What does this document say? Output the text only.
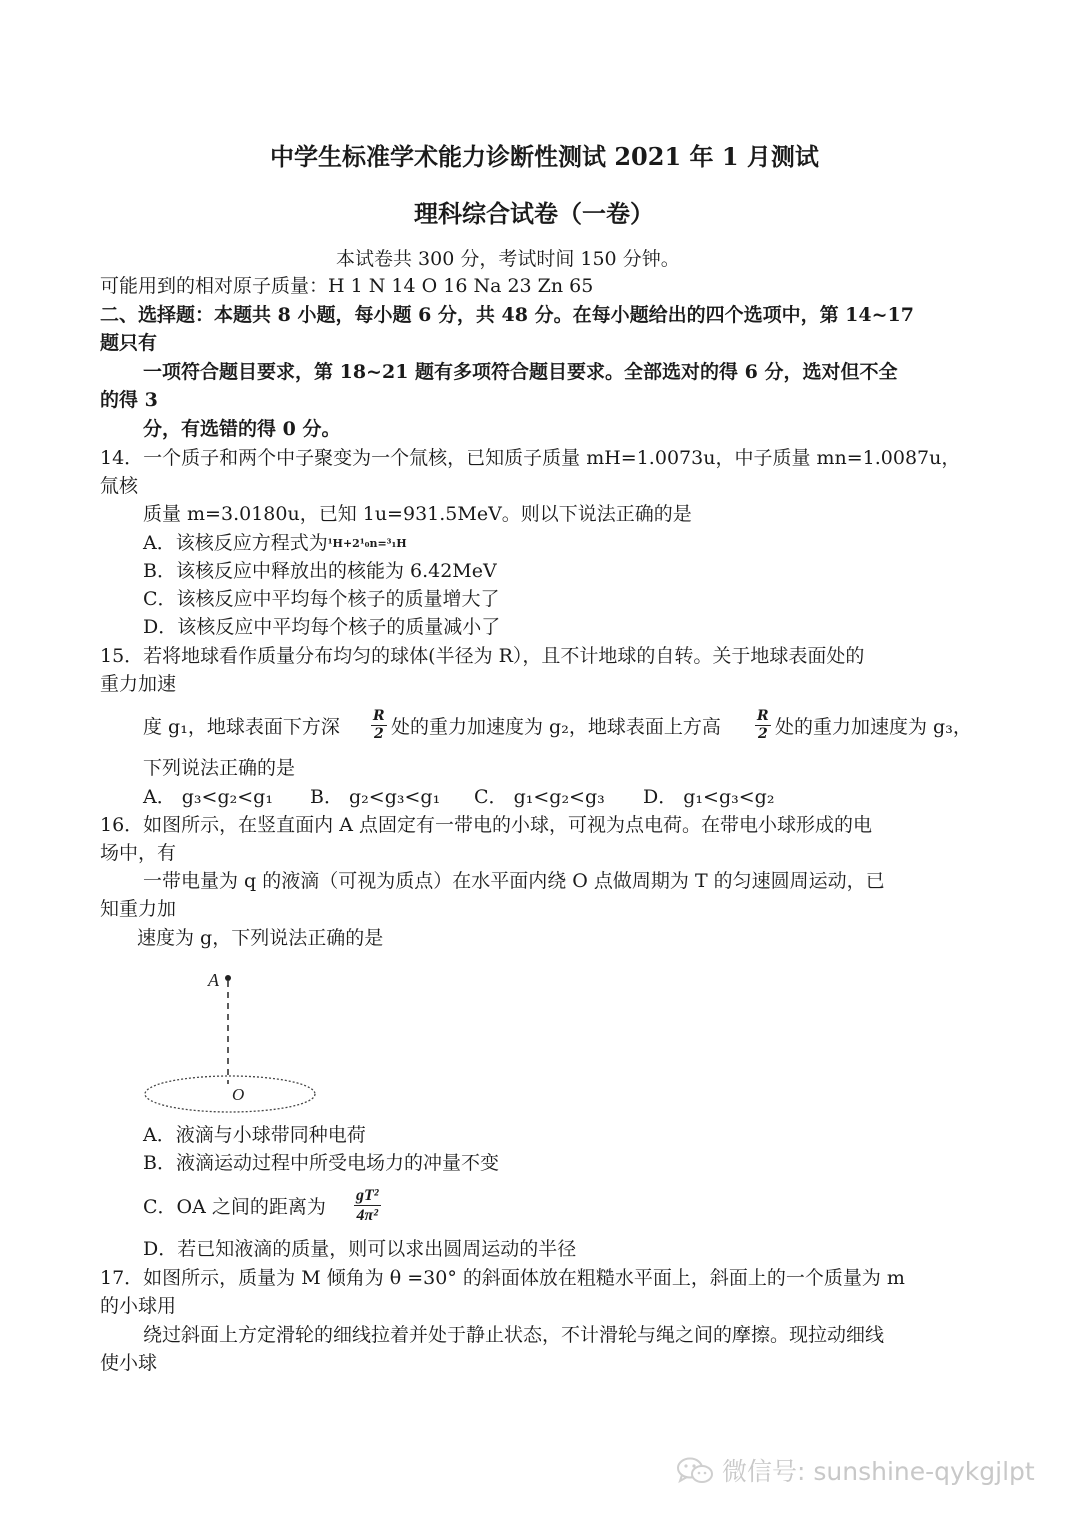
中学生标准学术能力诊断性测试 2021 年 1 月测试
理科综合试卷（一卷）
本试卷共 300 分，考试时间 150 分钟。
可能用到的相对原子质量：H 1 N 14 O 16 Na 23 Zn 65
二、选择题：本题共 8 小题，每小题 6 分，共 48 分。在每小题给出的四个选项中，第 14~17
题只有
一项符合题目要求，第 18~21 题有多项符合题目要求。全部选对的得 6 分，选对但不全
的得 3
分，有选错的得 0 分。
14．一个质子和两个中子聚变为一个氚核，已知质子质量 mH=1.0073u，中子质量 mn=1.0087u，
氚核
质量 m=3.0180u，已知 1u=931.5MeV。则以下说法正确的是
A．该核反应方程式为¹H+2¹₀n=³₁H
B．该核反应中释放出的核能为 6.42MeV
C．该核反应中平均每个核子的质量增大了
D．该核反应中平均每个核子的质量减小了
15．若将地球看作质量分布均匀的球体(半径为 R），且不计地球的自转。关于地球表面处的
重力加速
度 g₁，地球表面下方深 $\frac{R}{2}$ 处的重力加速度为 g₂，地球表面上方高 $\frac{R}{2}$ 处的重力加速度为 g₃，
下列说法正确的是
A． g₃<g₂<g₁ B． g₂<g₃<g₁ C． g₁<g₂<g₃ D． g₁<g₃<g₂
16．如图所示，在竖直面内 A 点固定有一带电的小球，可视为点电荷。在带电小球形成的电
场中，有
一带电量为 q 的液滴（可视为质点）在水平面内绕 O 点做周期为 T 的匀速圆周运动，已
知重力加
速度为 g，下列说法正确的是
A
O
A．液滴与小球带同种电荷
B．液滴运动过程中所受电场力的冲量不变
C．OA 之间的距离为 $\frac{\text{gT²}}{\text{4π²}}$
D．若已知液滴的质量，则可以求出圆周运动的半径
17．如图所示，质量为 M 倾角为 θ =30° 的斜面体放在粗糙水平面上，斜面上的一个质量为 m
的小球用
绕过斜面上方定滑轮的细线拉着并处于静止状态，不计滑轮与绳之间的摩擦。现拉动细线
使小球
微信号: sunshine-qykgjlpt
